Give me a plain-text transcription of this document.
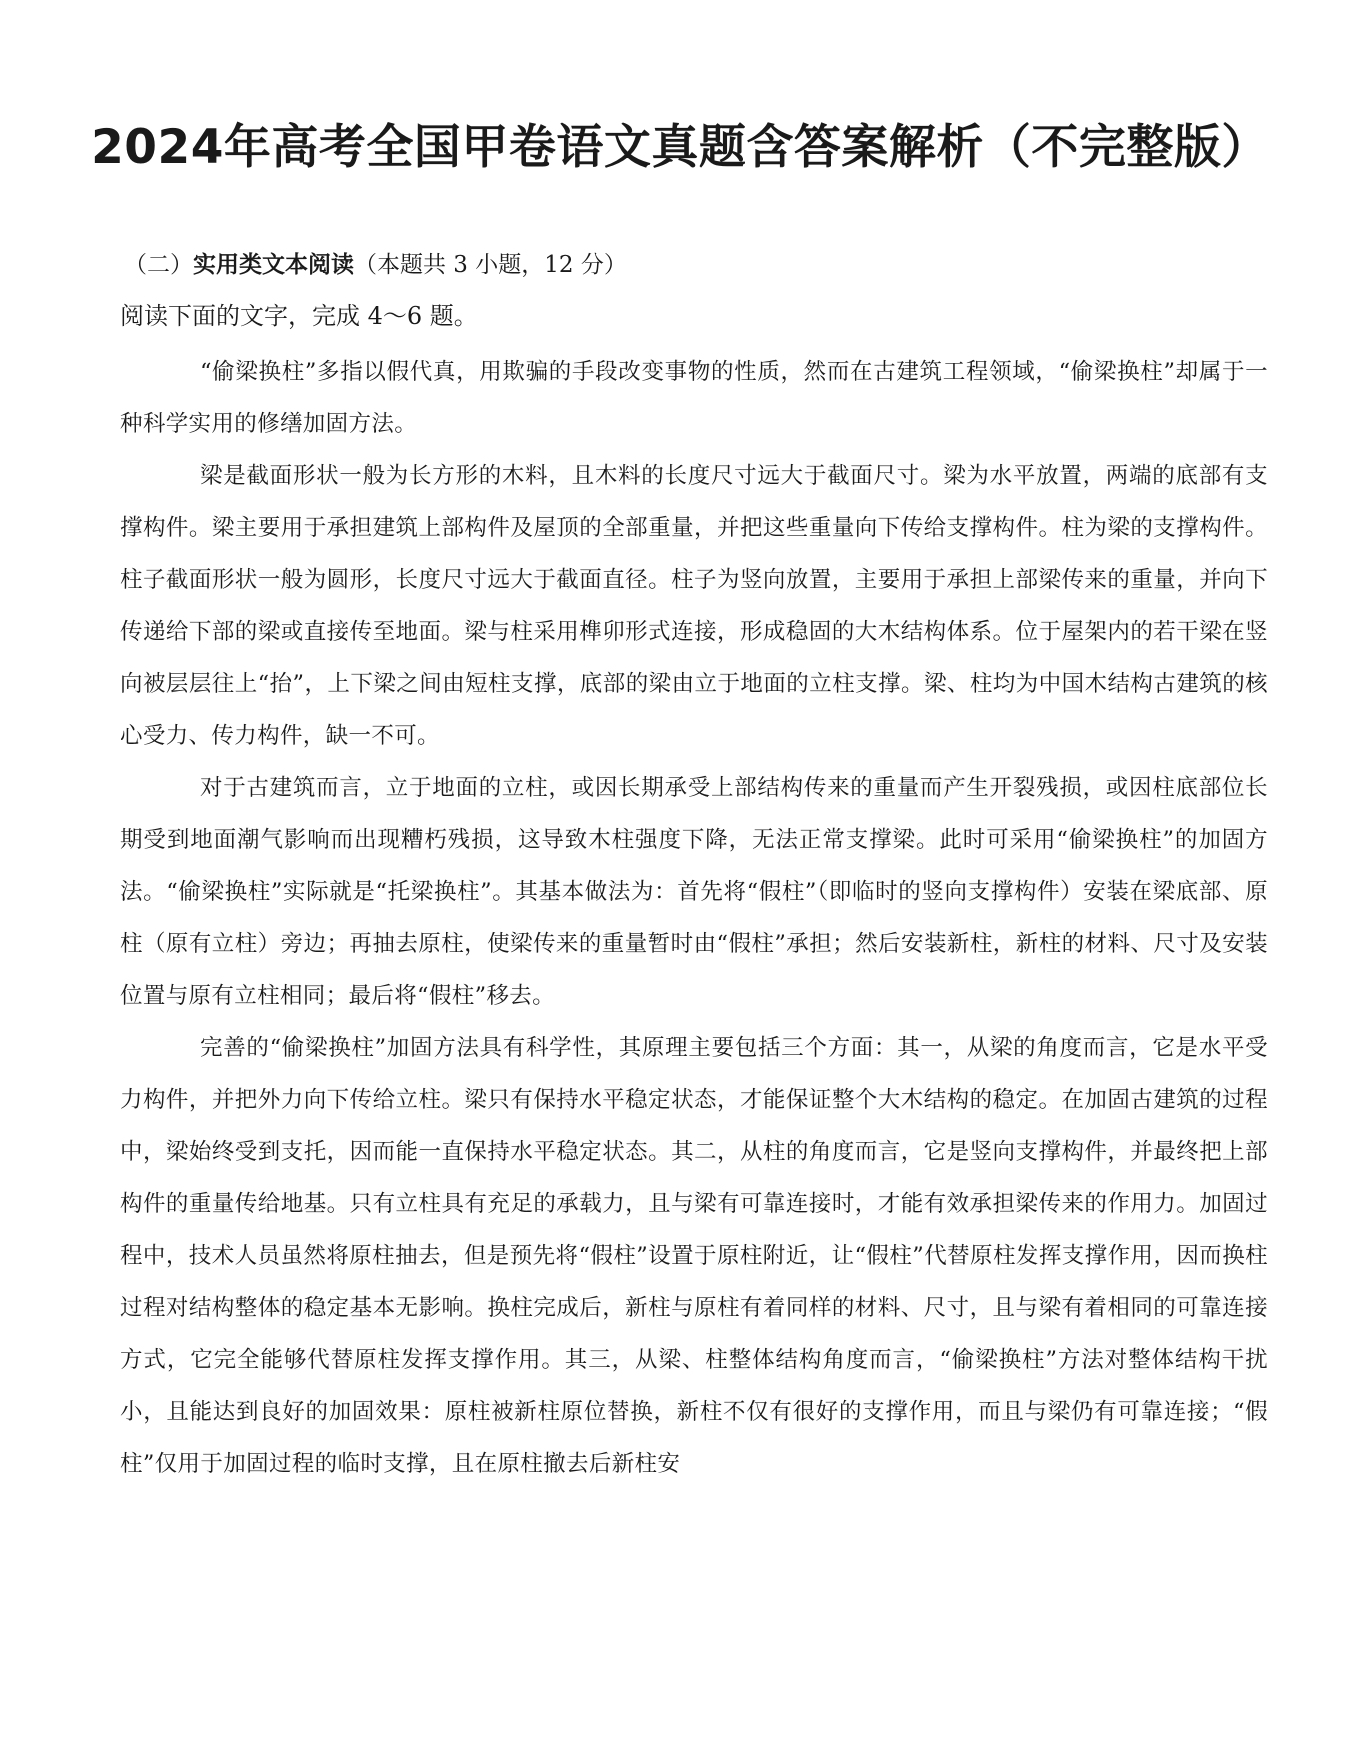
2024年高考全国甲卷语文真题含答案解析（不完整版）
（二）实用类文本阅读（本题共 3 小题，12 分）
阅读下面的文字，完成 4～6 题。

“偷梁换柱”多指以假代真，用欺骗的手段改变事物的性质，然而在古建筑工程领域，“偷梁换柱”却属于一种科学实用的修缮加固方法。

梁是截面形状一般为长方形的木料，且木料的长度尺寸远大于截面尺寸。梁为水平放置，两端的底部有支撑构件。梁主要用于承担建筑上部构件及屋顶的全部重量，并把这些重量向下传给支撑构件。柱为梁的支撑构件。柱子截面形状一般为圆形，长度尺寸远大于截面直径。柱子为竖向放置，主要用于承担上部梁传来的重量，并向下传递给下部的梁或直接传至地面。梁与柱采用榫卯形式连接，形成稳固的大木结构体系。位于屋架内的若干梁在竖向被层层往上“抬”，上下梁之间由短柱支撑，底部的梁由立于地面的立柱支撑。梁、柱均为中国木结构古建筑的核心受力、传力构件，缺一不可。

对于古建筑而言，立于地面的立柱，或因长期承受上部结构传来的重量而产生开裂残损，或因柱底部位长期受到地面潮气影响而出现糟朽残损，这导致木柱强度下降，无法正常支撑梁。此时可采用“偷梁换柱”的加固方法。“偷梁换柱”实际就是“托梁换柱”。其基本做法为：首先将“假柱”（即临时的竖向支撑构件）安装在梁底部、原柱（原有立柱）旁边；再抽去原柱，使梁传来的重量暂时由“假柱”承担；然后安装新柱，新柱的材料、尺寸及安装位置与原有立柱相同；最后将“假柱”移去。

完善的“偷梁换柱”加固方法具有科学性，其原理主要包括三个方面：其一，从梁的角度而言，它是水平受力构件，并把外力向下传给立柱。梁只有保持水平稳定状态，才能保证整个大木结构的稳定。在加固古建筑的过程中，梁始终受到支托，因而能一直保持水平稳定状态。其二，从柱的角度而言，它是竖向支撑构件，并最终把上部构件的重量传给地基。只有立柱具有充足的承载力，且与梁有可靠连接时，才能有效承担梁传来的作用力。加固过程中，技术人员虽然将原柱抽去，但是预先将“假柱”设置于原柱附近，让“假柱”代替原柱发挥支撑作用，因而换柱过程对结构整体的稳定基本无影响。换柱完成后，新柱与原柱有着同样的材料、尺寸，且与梁有着相同的可靠连接方式，它完全能够代替原柱发挥支撑作用。其三，从梁、柱整体结构角度而言，“偷梁换柱”方法对整体结构干扰小，且能达到良好的加固效果：原柱被新柱原位替换，新柱不仅有很好的支撑作用，而且与梁仍有可靠连接；“假柱”仅用于加固过程的临时支撑，且在原柱撤去后新柱安
